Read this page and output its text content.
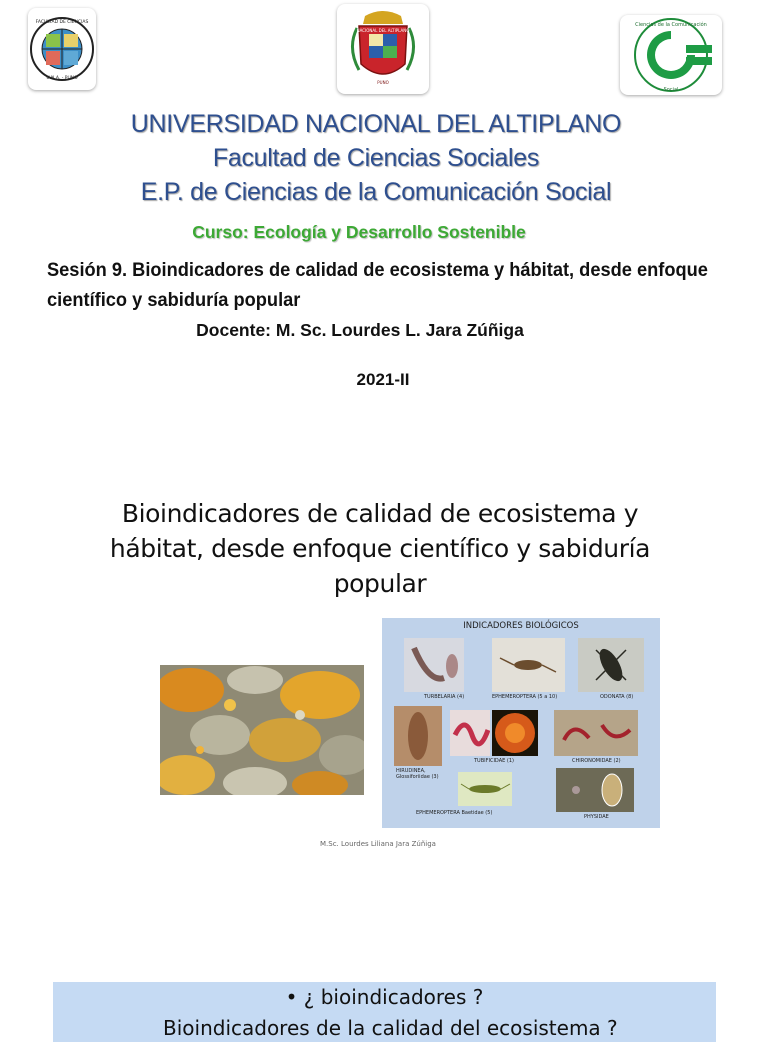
FACULTAD DE CIENCIAS
U.N.A. - PUNO
NACIONAL DEL ALTIPLANO
PUNO
Ciencias de la Comunicación
Social
UNIVERSIDAD NACIONAL DEL ALTIPLANO
Facultad de Ciencias Sociales
E.P. de Ciencias de la Comunicación Social
Curso: Ecología y Desarrollo Sostenible
Sesión 9. Bioindicadores de calidad de ecosistema y hábitat, desde enfoque científico y sabiduría popular
Docente: M. Sc. Lourdes L. Jara Zúñiga
2021-II
Bioindicadores de calidad de ecosistema y hábitat, desde enfoque científico y sabiduría popular
INDICADORES BIOLÓGICOS
TURBELARIA (4)	EPHEMEROPTERA (5 a 10)	ODONATA (8)
HIRUDINEA, Glossiforiidae (3)
TUBIFICIDAE (1)	CHIRONOMIDAE (2)
EPHEMEROPTERA Baetidae (5)
PHYSIDAE
M.Sc. Lourdes Liliana Jara Zúñiga
• ¿ bioindicadores ?
Bioindicadores de la calidad del ecosistema ?
